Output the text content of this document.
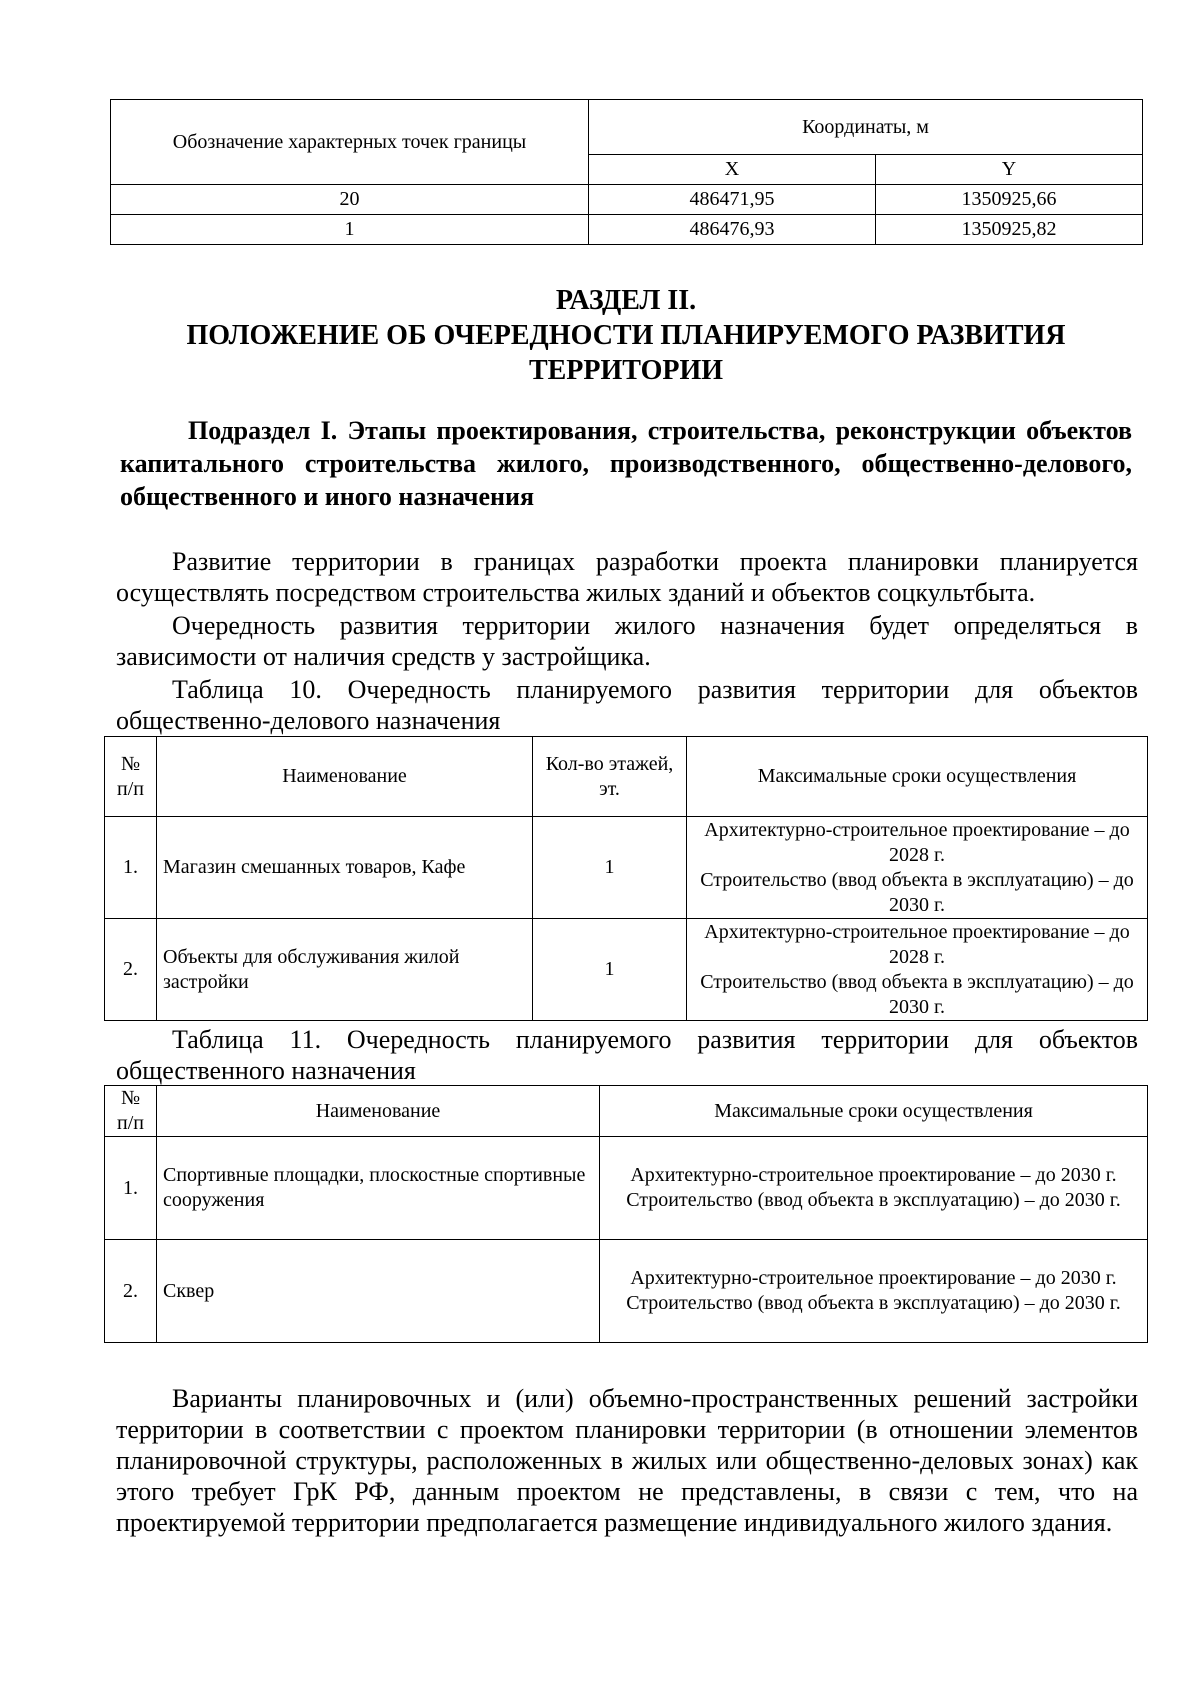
Обозначение характерных точек границы	Координаты, м	
	X	Y
20	486471,95	1350925,66
1	486476,93	1350925,82
РАЗДЕЛ II.
ПОЛОЖЕНИЕ ОБ ОЧЕРЕДНОСТИ ПЛАНИРУЕМОГО РАЗВИТИЯ
ТЕРРИТОРИИ
Подраздел I. Этапы проектирования, строительства, реконструкции объектов капитального строительства жилого, производственного, общественно-делового, общественного и иного назначения

Развитие территории в границах разработки проекта планировки планируется осуществлять посредством строительства жилых зданий и объектов соцкультбыта.

Очередность развития территории жилого назначения будет определяться в зависимости от наличия средств у застройщика.

Таблица 10. Очередность планируемого развития территории для объектов общественно-делового назначения

№ п/п	Наименование	Кол-во этажей, эт.	Максимальные сроки осуществления
1.	Магазин смешанных товаров, Кафе	1	Архитектурно-строительное проектирование – до 2028 г.
Строительство (ввод объекта в эксплуатацию) – до 2030 г.

2.	Объекты для обслуживания жилой застройки	1	Архитектурно-строительное проектирование – до 2028 г.
Строительство (ввод объекта в эксплуатацию) – до 2030 г.

Таблица 11. Очередность планируемого развития территории для объектов общественного назначения

№ п/п	Наименование	Максимальные сроки осуществления
1.	Спортивные площадки, плоскостные спортивные сооружения	Архитектурно-строительное проектирование – до 2030 г.
Строительство (ввод объекта в эксплуатацию) – до 2030 г.

2.	Сквер	Архитектурно-строительное проектирование – до 2030 г.
Строительство (ввод объекта в эксплуатацию) – до 2030 г.

Варианты планировочных и (или) объемно-пространственных решений застройки территории в соответствии с проектом планировки территории (в отношении элементов планировочной структуры, расположенных в жилых или общественно-деловых зонах) как этого требует ГрК РФ, данным проектом не представлены, в связи с тем, что на проектируемой территории предполагается размещение индивидуального жилого здания.
